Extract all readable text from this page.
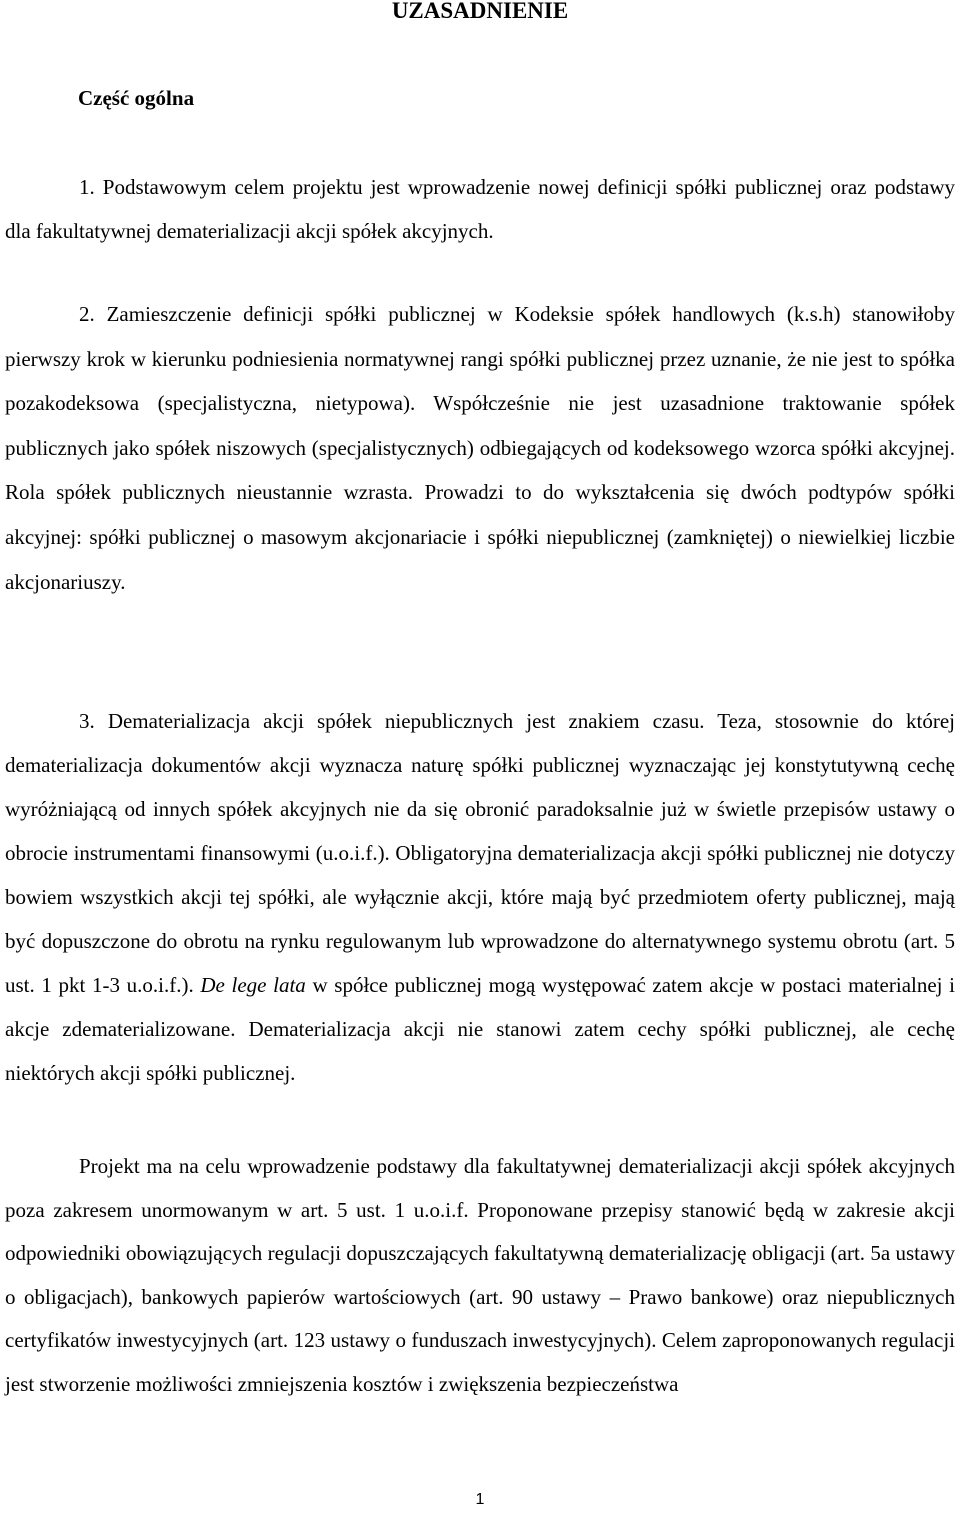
UZASADNIENIE
Część ogólna

1. Podstawowym celem projektu jest wprowadzenie nowej definicji spółki publicznej oraz podstawy dla fakultatywnej dematerializacji akcji spółek akcyjnych.

2. Zamieszczenie definicji spółki publicznej w Kodeksie spółek handlowych (k.s.h) stanowiłoby pierwszy krok w kierunku podniesienia normatywnej rangi spółki publicznej przez uznanie, że nie jest to spółka pozakodeksowa (specjalistyczna, nietypowa). Współcześnie nie jest uzasadnione traktowanie spółek publicznych jako spółek niszowych (specjalistycznych) odbiegających od kodeksowego wzorca spółki akcyjnej. Rola spółek publicznych nieustannie wzrasta. Prowadzi to do wykształcenia się dwóch podtypów spółki akcyjnej: spółki publicznej o masowym akcjonariacie i spółki niepublicznej (zamkniętej) o niewielkiej liczbie akcjonariuszy.

3. Dematerializacja akcji spółek niepublicznych jest znakiem czasu. Teza, stosownie do której dematerializacja dokumentów akcji wyznacza naturę spółki publicznej wyznaczając jej konstytutywną cechę wyróżniającą od innych spółek akcyjnych nie da się obronić paradoksalnie już w świetle przepisów ustawy o obrocie instrumentami finansowymi (u.o.i.f.). Obligatoryjna dematerializacja akcji spółki publicznej nie dotyczy bowiem wszystkich akcji tej spółki, ale wyłącznie akcji, które mają być przedmiotem oferty publicznej, mają być dopuszczone do obrotu na rynku regulowanym lub wprowadzone do alternatywnego systemu obrotu (art. 5 ust. 1 pkt 1-3 u.o.i.f.). De lege lata w spółce publicznej mogą występować zatem akcje w postaci materialnej i akcje zdematerializowane. Dematerializacja akcji nie stanowi zatem cechy spółki publicznej, ale cechę niektórych akcji spółki publicznej.

Projekt ma na celu wprowadzenie podstawy dla fakultatywnej dematerializacji akcji spółek akcyjnych poza zakresem unormowanym w art. 5 ust. 1 u.o.i.f. Proponowane przepisy stanowić będą w zakresie akcji odpowiedniki obowiązujących regulacji dopuszczających fakultatywną dematerializację obligacji (art. 5a ustawy o obligacjach), bankowych papierów wartościowych (art. 90 ustawy – Prawo bankowe) oraz niepublicznych certyfikatów inwestycyjnych (art. 123 ustawy o funduszach inwestycyjnych). Celem zaproponowanych regulacji jest stworzenie możliwości zmniejszenia kosztów i zwiększenia bezpieczeństwa

1
